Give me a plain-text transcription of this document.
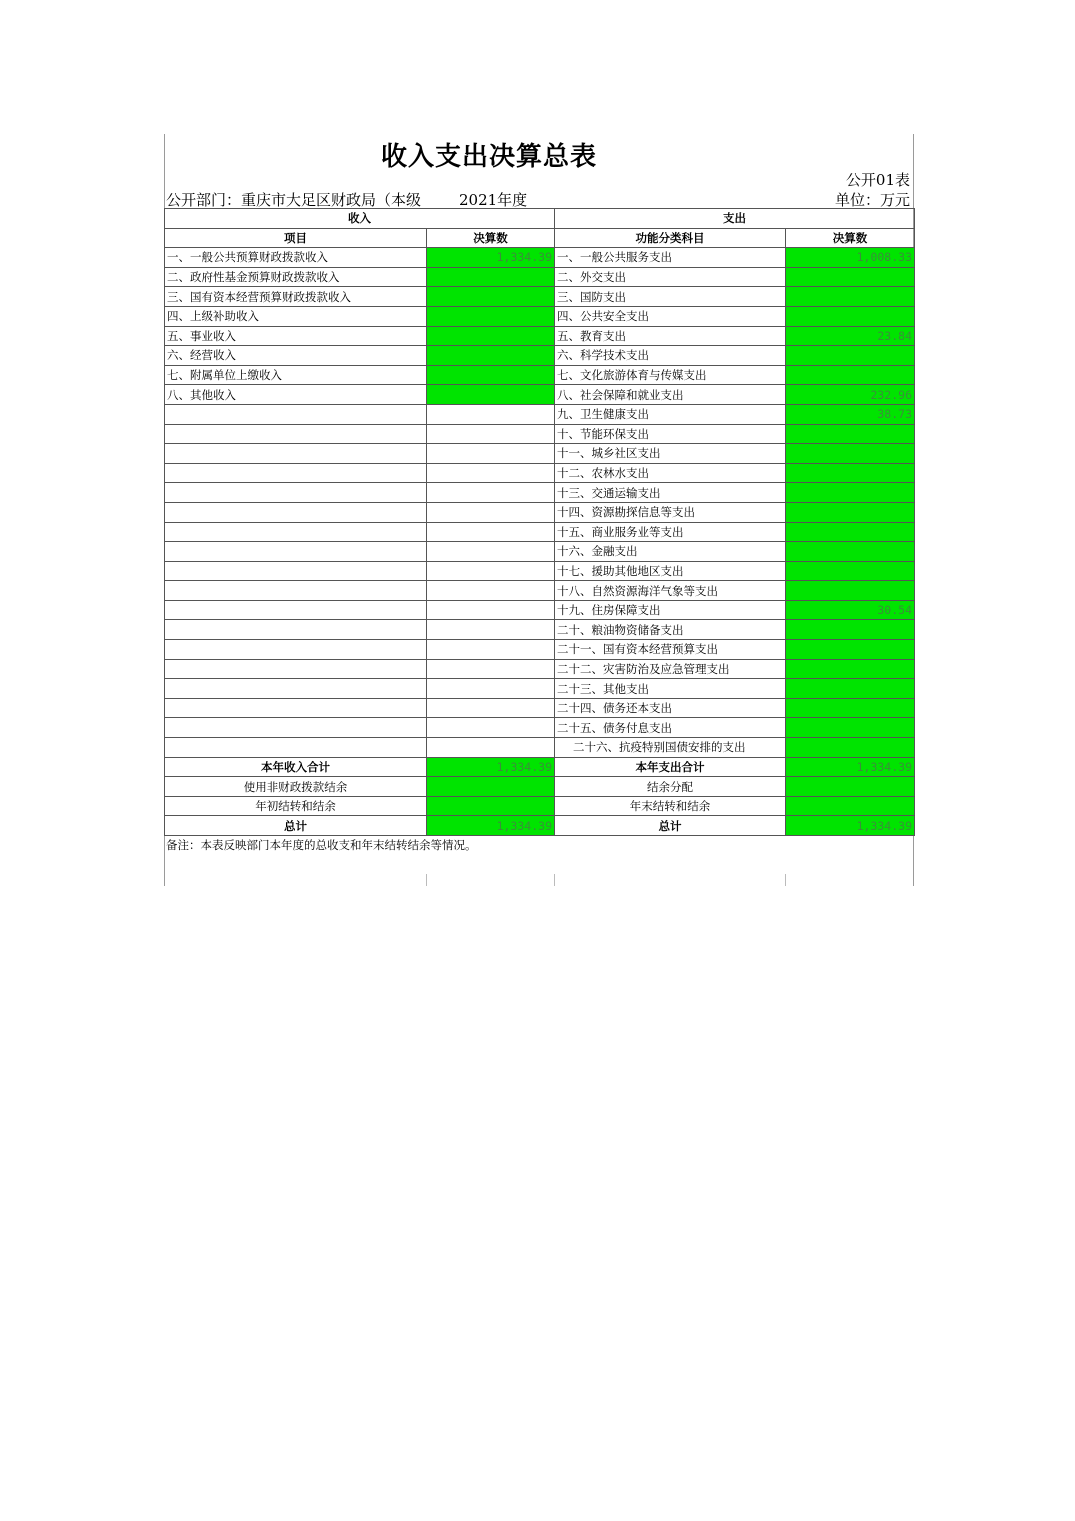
收入支出决算总表
公开01表
公开部门：重庆市大足区财政局（本级	2021年度	单位：万元
收入		支出	
项目	决算数	功能分类科目	决算数
一、一般公共预算财政拨款收入	1,334.39	一、一般公共服务支出	1,008.33
二、政府性基金预算财政拨款收入		二、外交支出	
三、国有资本经营预算财政拨款收入		三、国防支出	
四、上级补助收入		四、公共安全支出	
五、事业收入		五、教育支出	23.84
六、经营收入		六、科学技术支出	
七、附属单位上缴收入		七、文化旅游体育与传媒支出	
八、其他收入		八、社会保障和就业支出	232.96
		九、卫生健康支出	38.73
		十、节能环保支出	
		十一、城乡社区支出	
		十二、农林水支出	
		十三、交通运输支出	
		十四、资源勘探信息等支出	
		十五、商业服务业等支出	
		十六、金融支出	
		十七、援助其他地区支出	
		十八、自然资源海洋气象等支出	
		十九、住房保障支出	30.54
		二十、粮油物资储备支出	
		二十一、国有资本经营预算支出	
		二十二、灾害防治及应急管理支出	
		二十三、其他支出	
		二十四、债务还本支出	
		二十五、债务付息支出	
		二十六、抗疫特别国债安排的支出	
本年收入合计	1,334.39	本年支出合计	1,334.39
使用非财政拨款结余		结余分配	
年初结转和结余		年末结转和结余	
总计	1,334.39	总计	1,334.39
备注：本表反映部门本年度的总收支和年末结转结余等情况。
